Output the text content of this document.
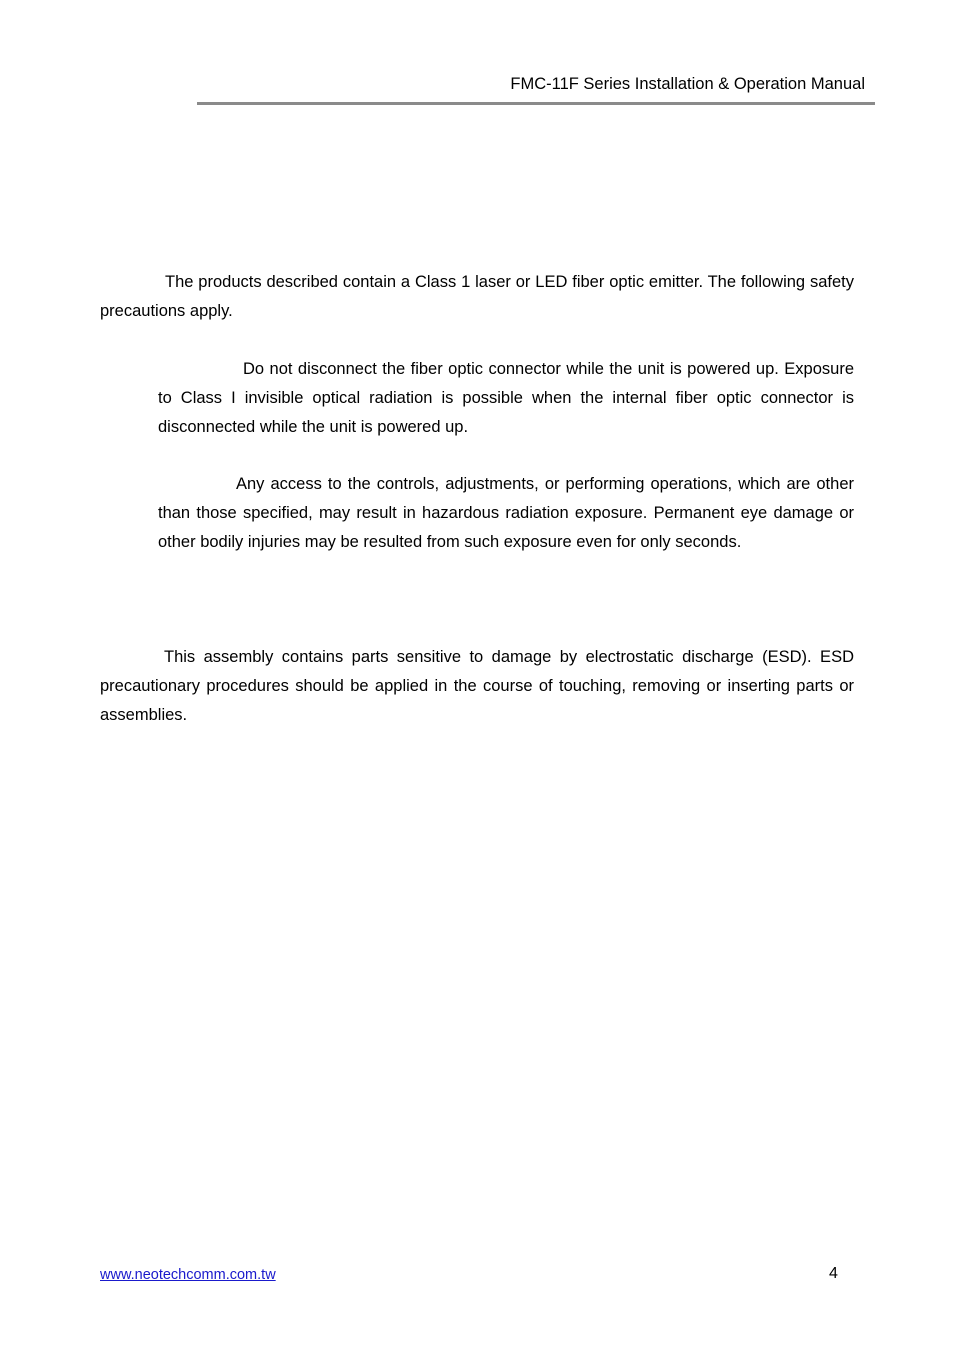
FMC-11F Series Installation & Operation Manual

The products described contain a Class 1 laser or LED fiber optic emitter. The following safety precautions apply.

Do not disconnect the fiber optic connector while the unit is powered up. Exposure to Class I invisible optical radiation is possible when the internal fiber optic connector is disconnected while the unit is powered up.

Any access to the controls, adjustments, or performing operations, which are other than those specified, may result in hazardous radiation exposure. Permanent eye damage or other bodily injuries may be resulted from such exposure even for only seconds.

This assembly contains parts sensitive to damage by electrostatic discharge (ESD). ESD precautionary procedures should be applied in the course of touching, removing or inserting parts or assemblies.

www.neotechcomm.com.tw	4
